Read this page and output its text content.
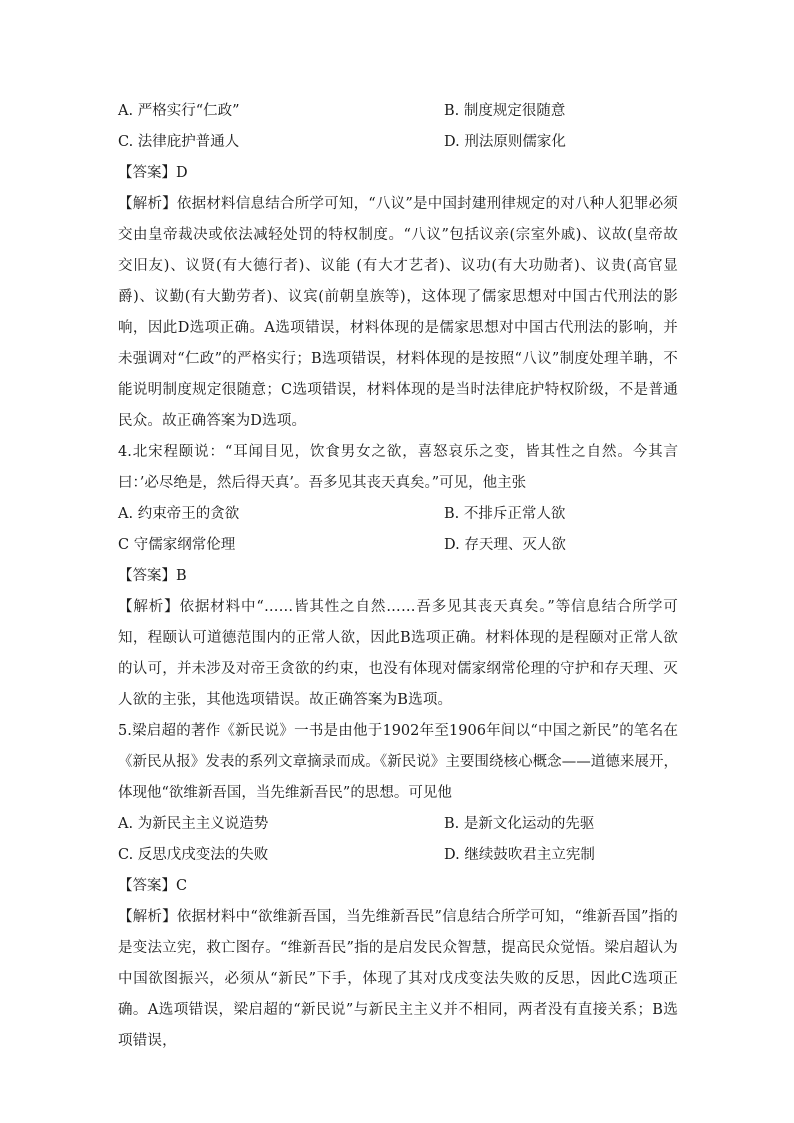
A. 严格实行“仁政”	B. 制度规定很随意
C. 法律庇护普通人	D. 刑法原则儒家化
【答案】D

【解析】依据材料信息结合所学可知，“八议”是中国封建刑律规定的对八种人犯罪必须交由皇帝裁决或依法减轻处罚的特权制度。“八议”包括议亲(宗室外戚)、议故(皇帝故交旧友)、议贤(有大德行者)、议能 (有大才艺者)、议功(有大功勋者)、议贵(高官显爵)、议勤(有大勤劳者)、议宾(前朝皇族等)，这体现了儒家思想对中国古代刑法的影响，因此D选项正确。A选项错误，材料体现的是儒家思想对中国古代刑法的影响，并未强调对“仁政”的严格实行；B选项错误，材料体现的是按照“八议”制度处理羊聃，不能说明制度规定很随意；C选项错误，材料体现的是当时法律庇护特权阶级，不是普通民众。故正确答案为D选项。

4.北宋程颐说：“耳闻目见，饮食男女之欲，喜怒哀乐之变，皆其性之自然。今其言曰：’必尽绝是，然后得天真’。吾多见其丧天真矣。”可见，他主张

A. 约束帝王的贪欲	B. 不排斥正常人欲
C 守儒家纲常伦理	D. 存天理、灭人欲
【答案】B

【解析】依据材料中“……皆其性之自然……吾多见其丧天真矣。”等信息结合所学可知，程颐认可道德范围内的正常人欲，因此B选项正确。材料体现的是程颐对正常人欲的认可，并未涉及对帝王贪欲的约束，也没有体现对儒家纲常伦理的守护和存天理、灭人欲的主张，其他选项错误。故正确答案为B选项。

5.梁启超的著作《新民说》一书是由他于1902年至1906年间以“中国之新民”的笔名在《新民从报》发表的系列文章摘录而成。《新民说》主要围绕核心概念——道德来展开，体现他“欲维新吾国，当先维新吾民”的思想。可见他

A. 为新民主主义说造势	B. 是新文化运动的先驱
C. 反思戊戌变法的失败	D. 继续鼓吹君主立宪制
【答案】C

【解析】依据材料中“欲维新吾国，当先维新吾民”信息结合所学可知，“维新吾国”指的是变法立宪，救亡图存。“维新吾民”指的是启发民众智慧，提高民众觉悟。梁启超认为中国欲图振兴，必须从“新民”下手，体现了其对戊戌变法失败的反思，因此C选项正确。A选项错误，梁启超的“新民说”与新民主主义并不相同，两者没有直接关系；B选项错误，
